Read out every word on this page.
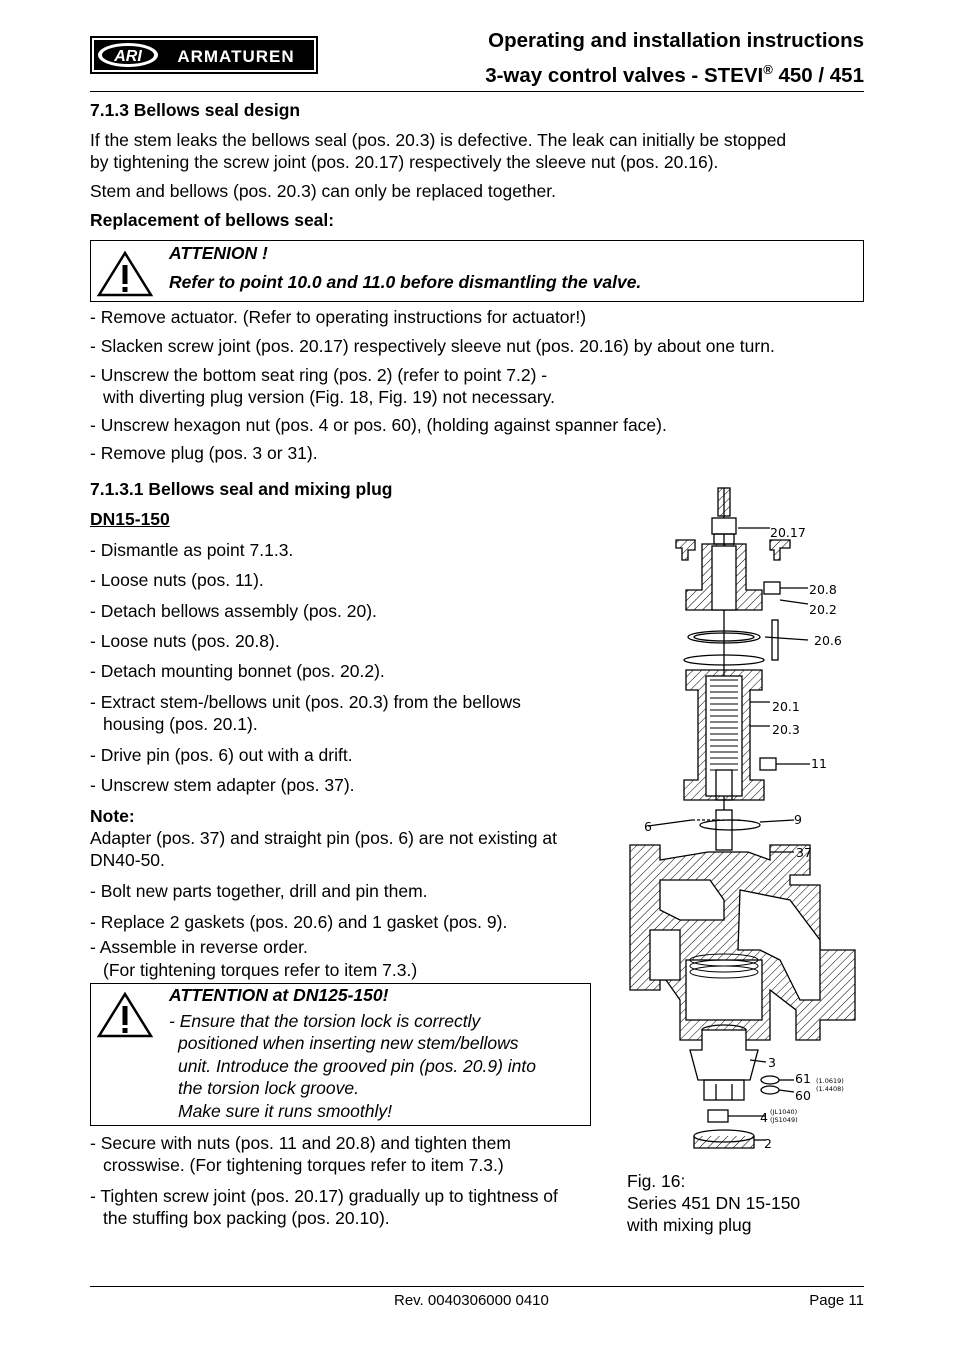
ARI ARMATUREN
Operating and installation instructions
3-way control valves - STEVI® 450 / 451

7.1.3 Bellows seal design

If the stem leaks the bellows seal (pos. 20.3) is defective. The leak can initially be stopped

by tightening the screw joint (pos. 20.17) respectively the sleeve nut (pos. 20.16).

Stem and bellows (pos. 20.3) can only be replaced together.

Replacement of bellows seal:

ATTENION !

Refer to point 10.0 and 11.0 before dismantling the valve.

- Remove actuator. (Refer to operating instructions for actuator!)

- Slacken screw joint (pos. 20.17) respectively sleeve nut (pos. 20.16) by about one turn.

- Unscrew the bottom seat ring (pos. 2) (refer to point 7.2) -

with diverting plug version (Fig. 18, Fig. 19) not necessary.

- Unscrew hexagon nut (pos. 4 or pos. 60), (holding against spanner face).

- Remove plug (pos. 3 or 31).

7.1.3.1 Bellows seal and mixing plug

DN15-150

- Dismantle as point 7.1.3.

- Loose nuts (pos. 11).

- Detach bellows assembly (pos. 20).

- Loose nuts (pos. 20.8).

- Detach mounting bonnet (pos. 20.2).

- Extract stem-/bellows unit (pos. 20.3) from the bellows

housing (pos. 20.1).

- Drive pin (pos. 6) out with a drift.

- Unscrew stem adapter (pos. 37).

Note:

Adapter (pos. 37) and straight pin (pos. 6) are not existing at

DN40-50.

- Bolt new parts together, drill and pin them.

- Replace 2 gaskets (pos. 20.6) and 1 gasket (pos. 9).

- Assemble in reverse order.

(For tightening torques refer to item 7.3.)

ATTENTION at DN125-150!

- Ensure that the torsion lock is correctly

positioned when inserting new stem/bellows

unit. Introduce the grooved pin (pos. 20.9) into

the torsion lock groove.

Make sure it runs smoothly!

- Secure with nuts (pos. 11 and 20.8) and tighten them

crosswise. (For tightening torques refer to item 7.3.)

- Tighten screw joint (pos. 20.17) gradually up to tightness of

the stuffing box packing (pos. 20.10).

20.17
20.8
20.2
20.6
20.1
20.3
11
6	9
37
3
61
60
(1.0619)
(1.4408)
4 (JL1040)
(JS1049)
2

Fig. 16:

Series 451 DN 15-150

with mixing plug

Rev. 0040306000 0410	Page 11
